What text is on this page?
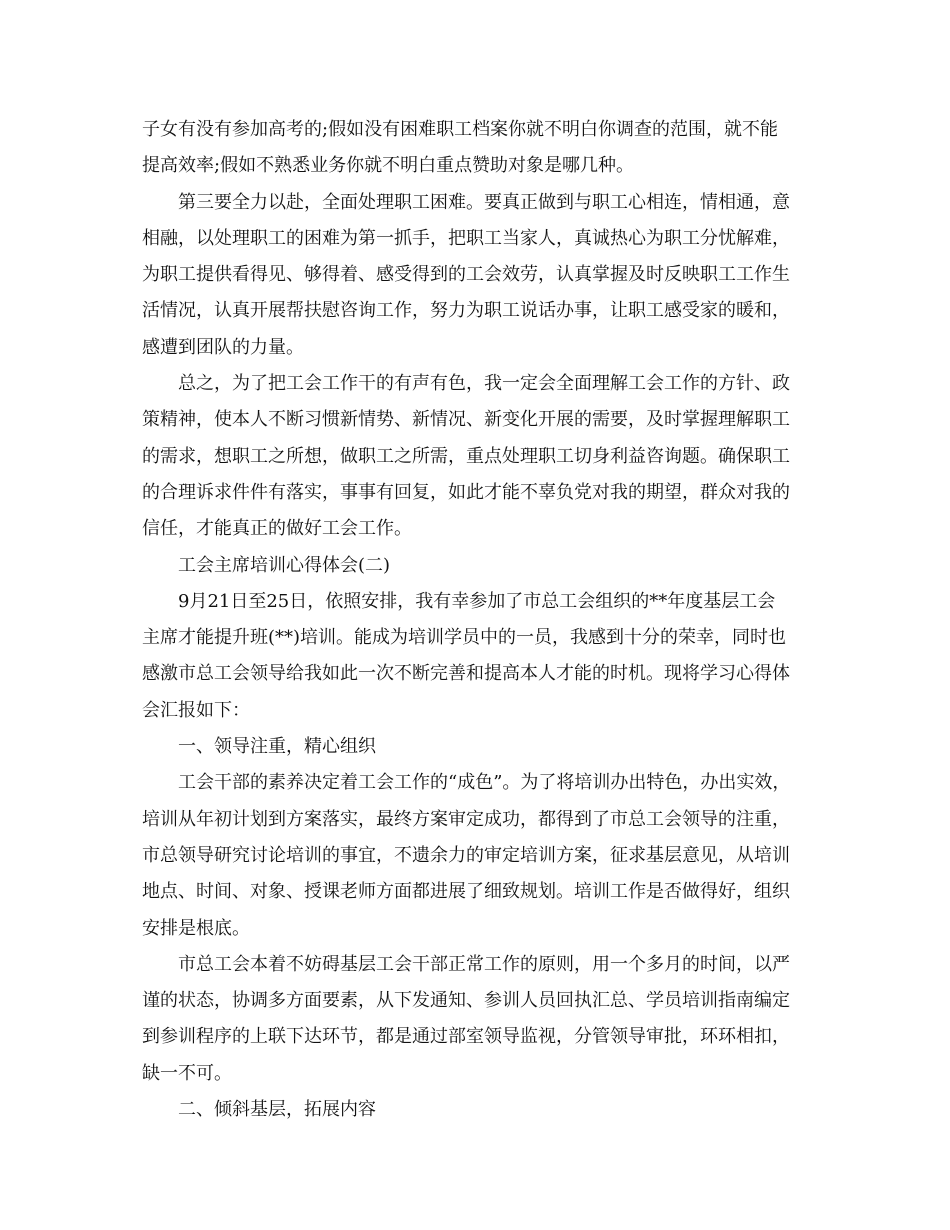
子女有没有参加高考的;假如没有困难职工档案你就不明白你调查的范围，就不能
提高效率;假如不熟悉业务你就不明白重点赞助对象是哪几种。
第三要全力以赴，全面处理职工困难。要真正做到与职工心相连，情相通，意
相融，以处理职工的困难为第一抓手，把职工当家人，真诚热心为职工分忧解难，
为职工提供看得见、够得着、感受得到的工会效劳，认真掌握及时反映职工工作生
活情况，认真开展帮扶慰咨询工作，努力为职工说话办事，让职工感受家的暖和，
感遭到团队的力量。
总之，为了把工会工作干的有声有色，我一定会全面理解工会工作的方针、政
策精神，使本人不断习惯新情势、新情况、新变化开展的需要，及时掌握理解职工
的需求，想职工之所想，做职工之所需，重点处理职工切身利益咨询题。确保职工
的合理诉求件件有落实，事事有回复，如此才能不辜负党对我的期望，群众对我的
信任，才能真正的做好工会工作。
工会主席培训心得体会(二)
9月21日至25日，依照安排，我有幸参加了市总工会组织的**年度基层工会
主席才能提升班(**)培训。能成为培训学员中的一员，我感到十分的荣幸，同时也
感激市总工会领导给我如此一次不断完善和提高本人才能的时机。现将学习心得体
会汇报如下：
一、领导注重，精心组织
工会干部的素养决定着工会工作的“成色”。为了将培训办出特色，办出实效，
培训从年初计划到方案落实，最终方案审定成功，都得到了市总工会领导的注重，
市总领导研究讨论培训的事宜，不遗余力的审定培训方案，征求基层意见，从培训
地点、时间、对象、授课老师方面都进展了细致规划。培训工作是否做得好，组织
安排是根底。
市总工会本着不妨碍基层工会干部正常工作的原则，用一个多月的时间，以严
谨的状态，协调多方面要素，从下发通知、参训人员回执汇总、学员培训指南编定
到参训程序的上联下达环节，都是通过部室领导监视，分管领导审批，环环相扣，
缺一不可。
二、倾斜基层，拓展内容
